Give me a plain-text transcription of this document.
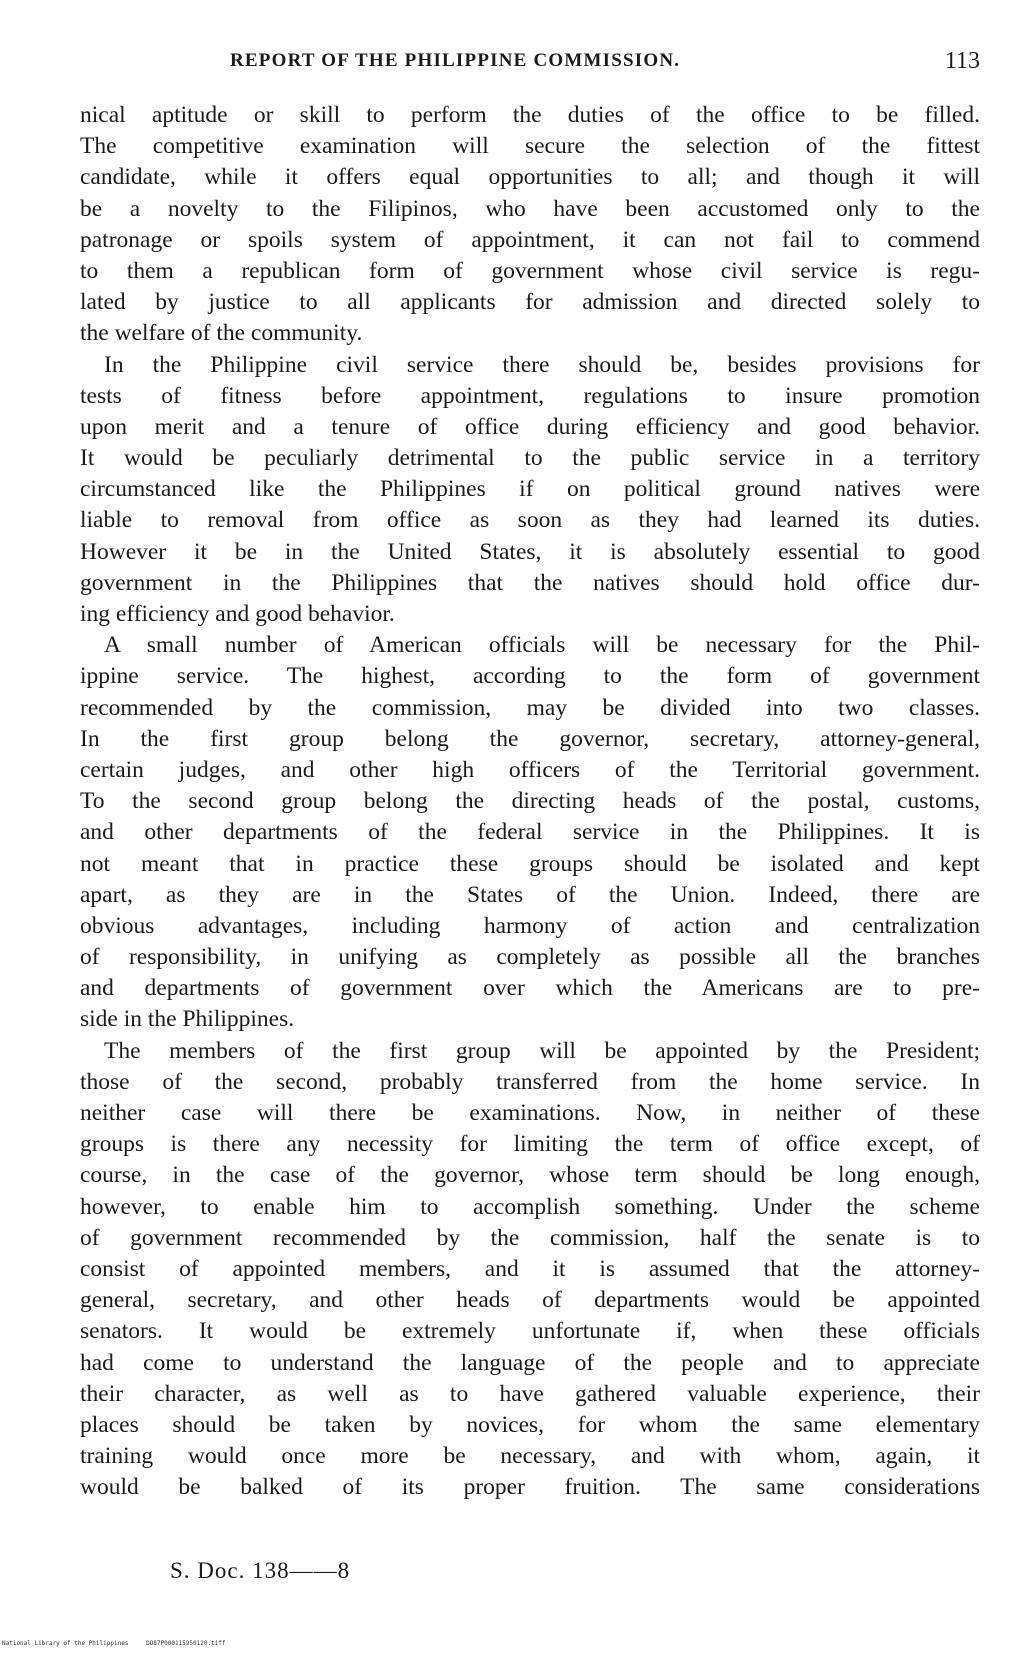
REPORT OF THE PHILIPPINE COMMISSION.	113
nical aptitude or skill to perform the duties of the office to be filled.
The competitive examination will secure the selection of the fittest
candidate, while it offers equal opportunities to all; and though it will
be a novelty to the Filipinos, who have been accustomed only to the
patronage or spoils system of appointment, it can not fail to commend
to them a republican form of government whose civil service is regu-
lated by justice to all applicants for admission and directed solely to
the welfare of the community.
In the Philippine civil service there should be, besides provisions for
tests of fitness before appointment, regulations to insure promotion
upon merit and a tenure of office during efficiency and good behavior.
It would be peculiarly detrimental to the public service in a territory
circumstanced like the Philippines if on political ground natives were
liable to removal from office as soon as they had learned its duties.
However it be in the United States, it is absolutely essential to good
government in the Philippines that the natives should hold office dur-
ing efficiency and good behavior.
A small number of American officials will be necessary for the Phil-
ippine service. The highest, according to the form of government
recommended by the commission, may be divided into two classes.
In the first group belong the governor, secretary, attorney-general,
certain judges, and other high officers of the Territorial government.
To the second group belong the directing heads of the postal, customs,
and other departments of the federal service in the Philippines. It is
not meant that in practice these groups should be isolated and kept
apart, as they are in the States of the Union. Indeed, there are
obvious advantages, including harmony of action and centralization
of responsibility, in unifying as completely as possible all the branches
and departments of government over which the Americans are to pre-
side in the Philippines.
The members of the first group will be appointed by the President;
those of the second, probably transferred from the home service. In
neither case will there be examinations. Now, in neither of these
groups is there any necessity for limiting the term of office except, of
course, in the case of the governor, whose term should be long enough,
however, to enable him to accomplish something. Under the scheme
of government recommended by the commission, half the senate is to
consist of appointed members, and it is assumed that the attorney-
general, secretary, and other heads of departments would be appointed
senators. It would be extremely unfortunate if, when these officials
had come to understand the language of the people and to appreciate
their character, as well as to have gathered valuable experience, their
places should be taken by novices, for whom the same elementary
training would once more be necessary, and with whom, again, it
would be balked of its proper fruition. The same considerations
S. Doc. 138——8
National Library of the Philippines	DO87P000115950120.tiff
